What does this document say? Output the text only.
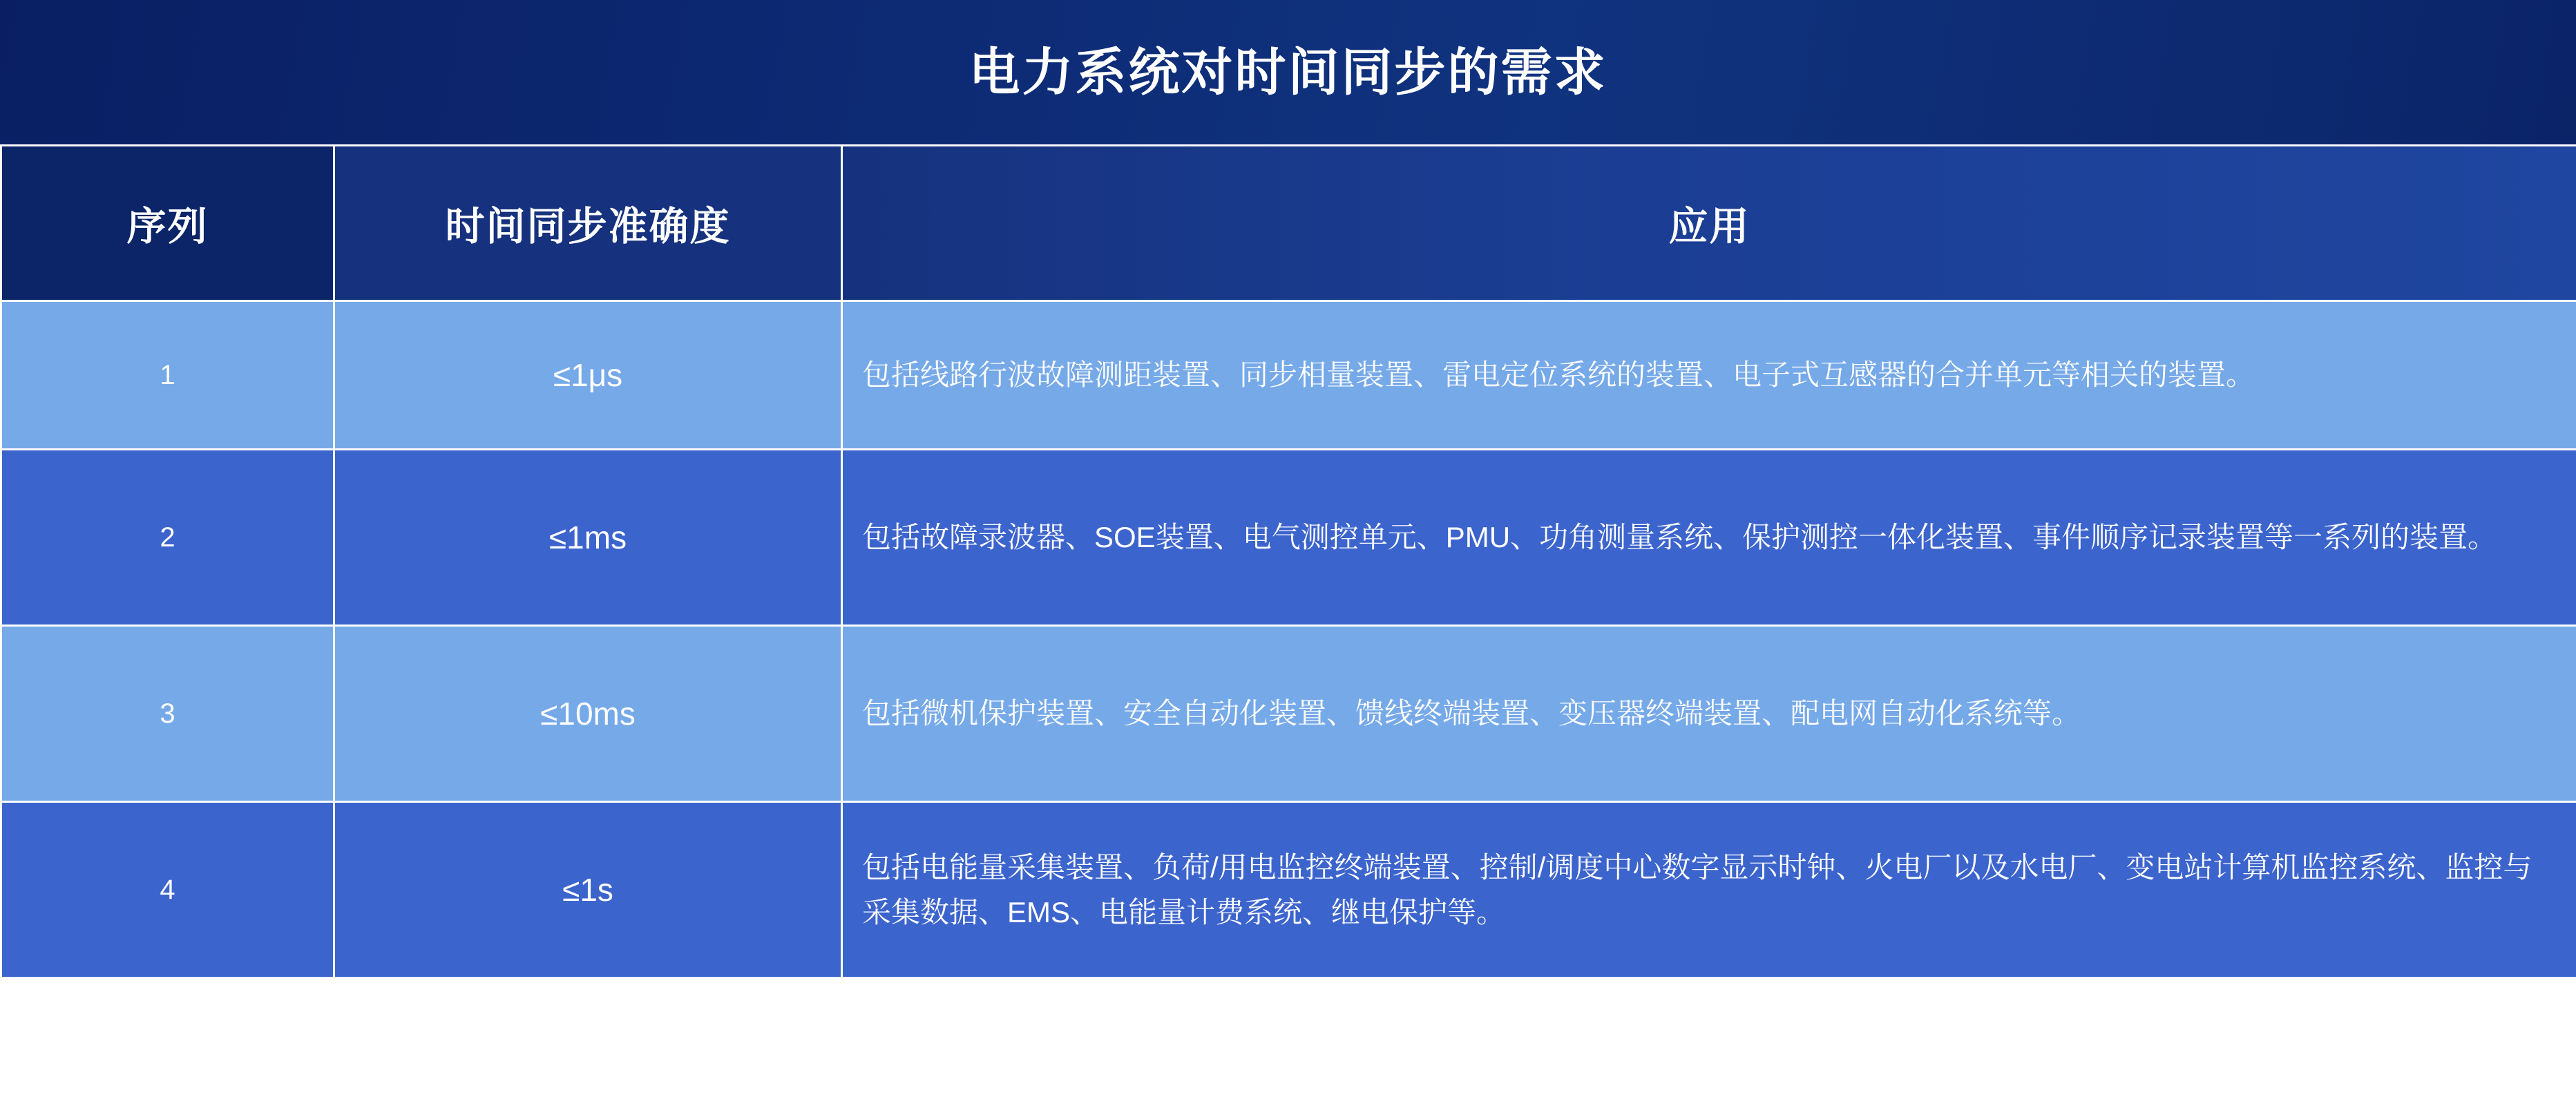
电力系统对时间同步的需求
序列	时间同步准确度	应用
1	≤1μs	包括线路行波故障测距装置、同步相量装置、雷电定位系统的装置、电子式互感器的合并单元等相关的装置。
2	≤1ms	包括故障录波器、SOE装置、电气测控单元、PMU、功角测量系统、保护测控一体化装置、事件顺序记录装置等一系列的装置。
3	≤10ms	包括微机保护装置、安全自动化装置、馈线终端装置、变压器终端装置、配电网自动化系统等。
4	≤1s	包括电能量采集装置、负荷/用电监控终端装置、控制/调度中心数字显示时钟、火电厂以及水电厂、变电站计算机监控系统、监控与采集数据、EMS、电能量计费系统、继电保护等。
